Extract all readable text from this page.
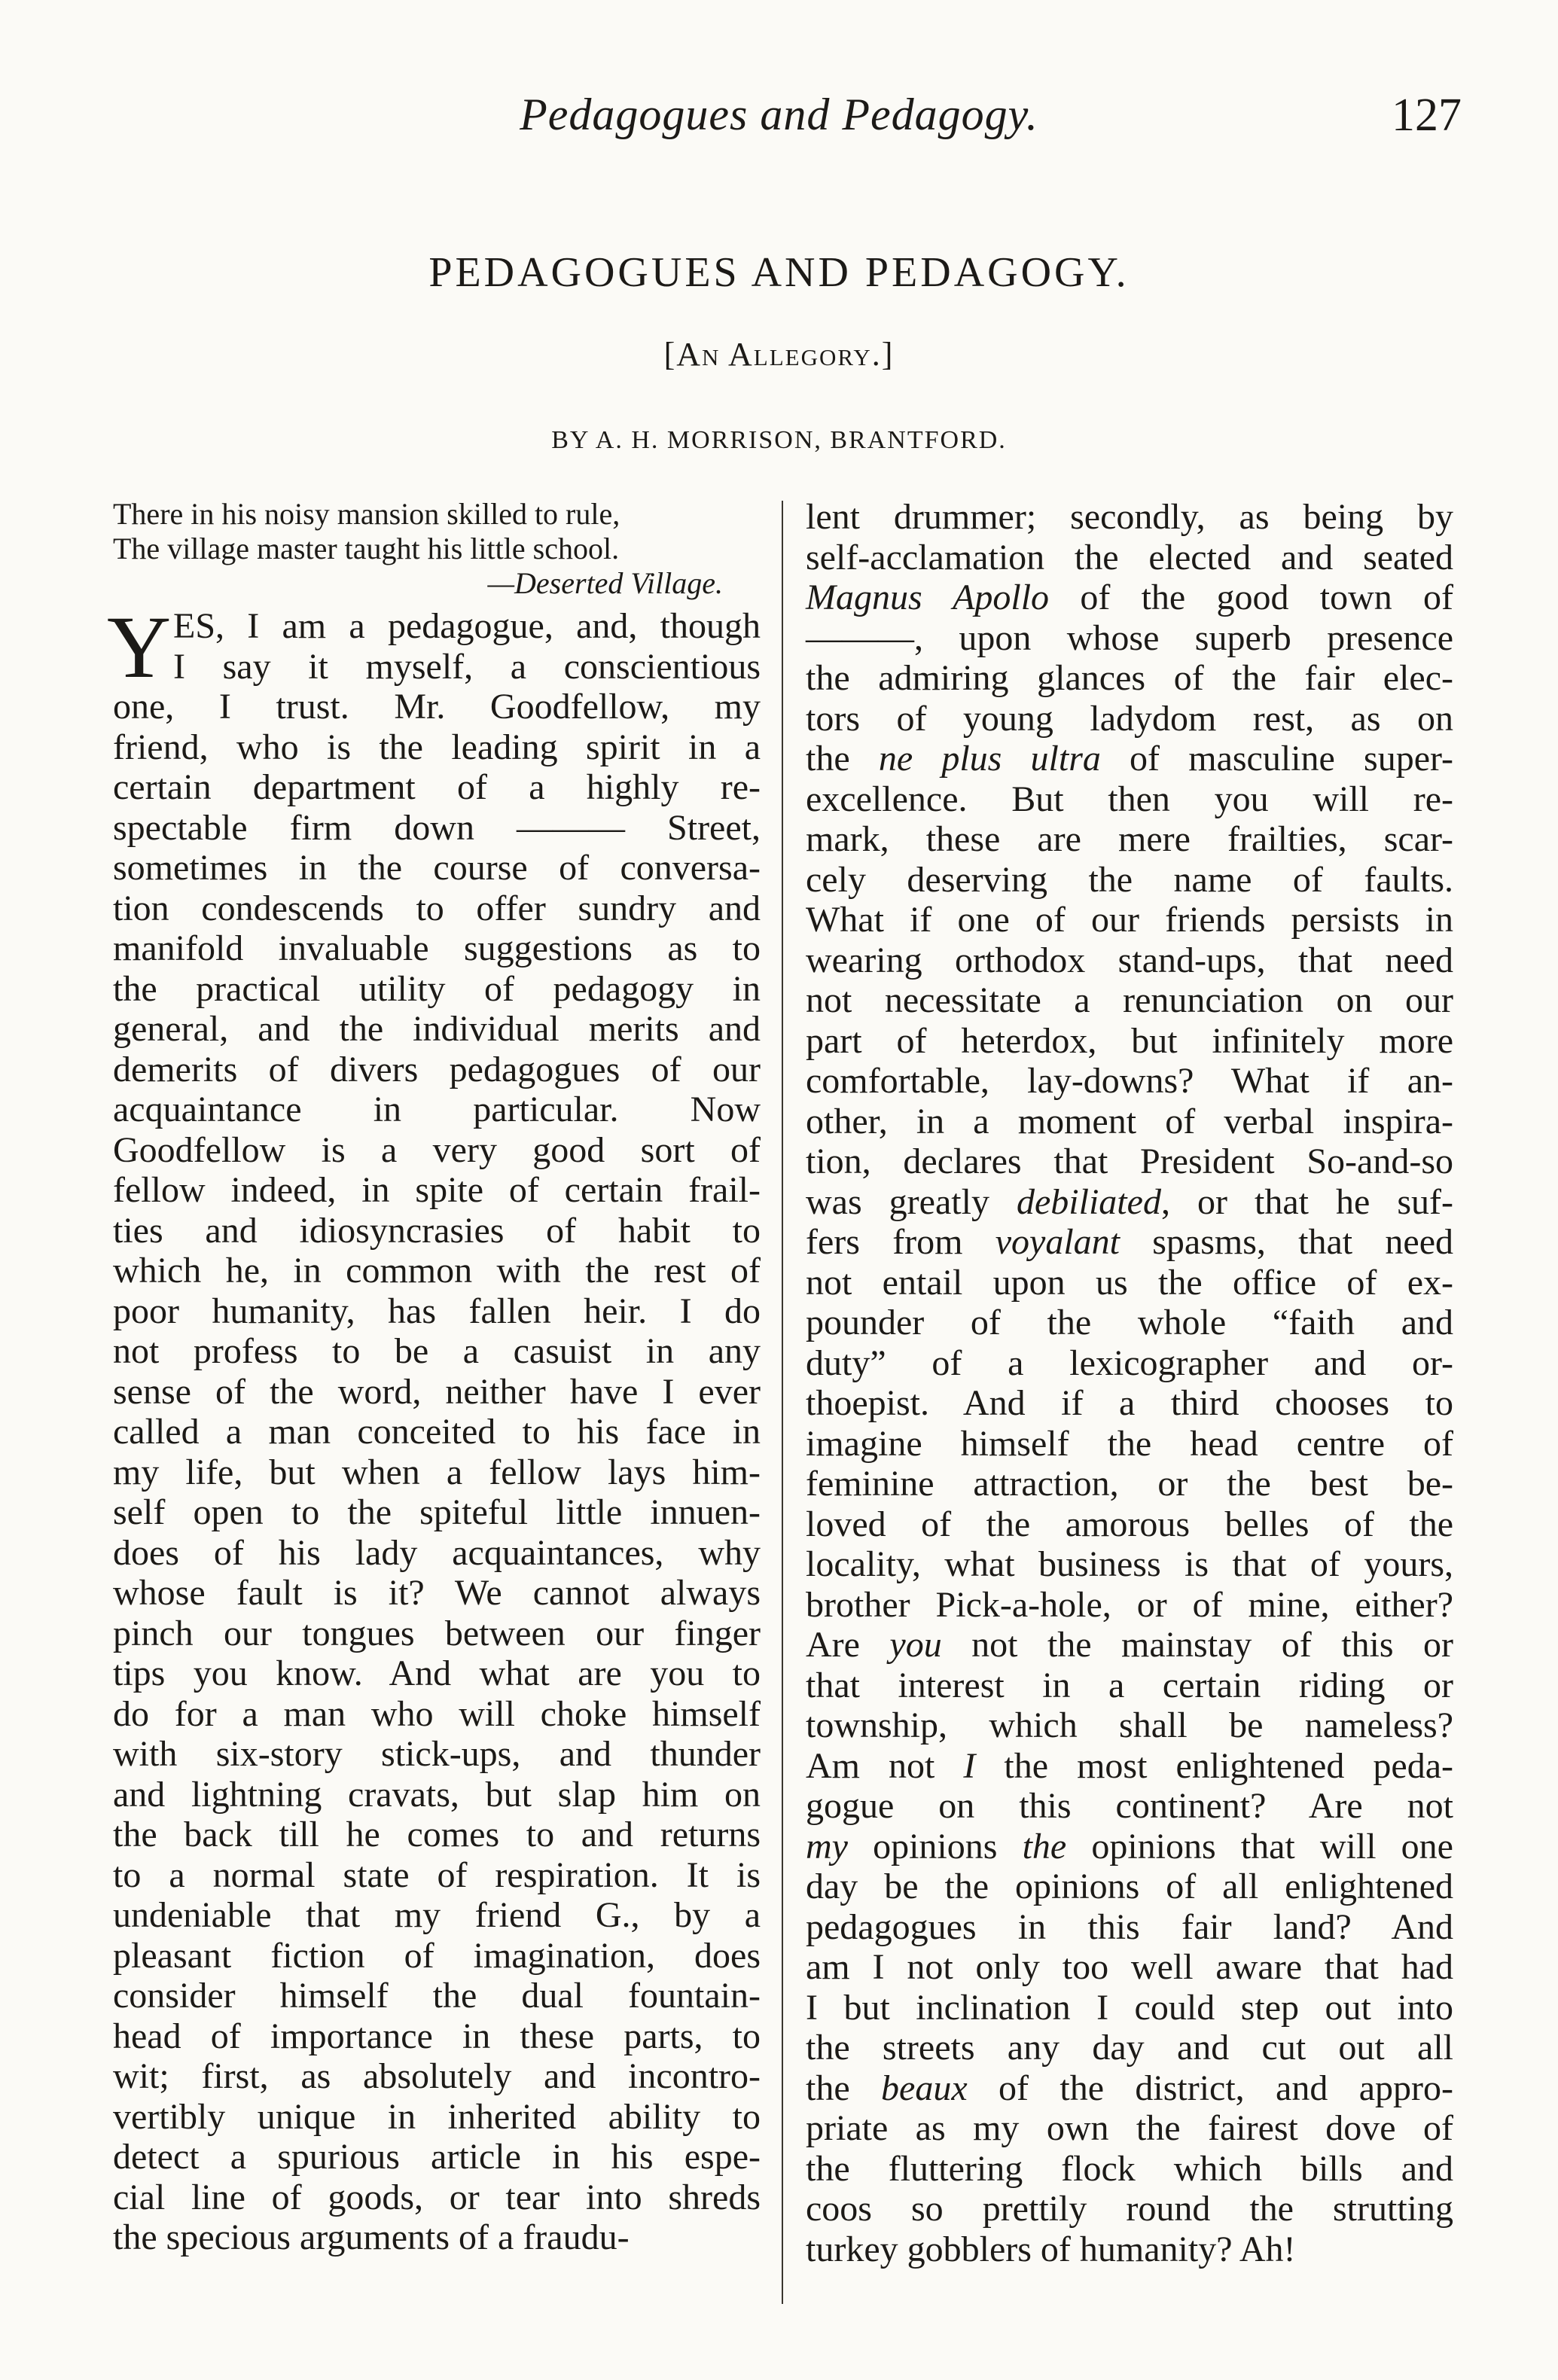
Pedagogues and Pedagogy.	127
PEDAGOGUES AND PEDAGOGY.
[An Allegory.]
BY A. H. MORRISON, BRANTFORD.
There in his noisy mansion skilled to rule,
The village master taught his little school.
—Deserted Village.
ES, I am a pedagogue, and, though
Y I say it myself, a conscientious
one, I trust. Mr. Goodfellow, my
friend, who is the leading spirit in a
certain department of a highly re-
spectable firm down ——— Street,
sometimes in the course of conversa-
tion condescends to offer sundry and
manifold invaluable suggestions as to
the practical utility of pedagogy in
general, and the individual merits and
demerits of divers pedagogues of our
acquaintance in particular. Now
Goodfellow is a very good sort of
fellow indeed, in spite of certain frail-
ties and idiosyncrasies of habit to
which he, in common with the rest of
poor humanity, has fallen heir. I do
not profess to be a casuist in any
sense of the word, neither have I ever
called a man conceited to his face in
my life, but when a fellow lays him-
self open to the spiteful little innuen-
does of his lady acquaintances, why
whose fault is it? We cannot always
pinch our tongues between our finger
tips you know. And what are you to
do for a man who will choke himself
with six-story stick-ups, and thunder
and lightning cravats, but slap him on
the back till he comes to and returns
to a normal state of respiration. It is
undeniable that my friend G., by a
pleasant fiction of imagination, does
consider himself the dual fountain-
head of importance in these parts, to
wit; first, as absolutely and incontro-
vertibly unique in inherited ability to
detect a spurious article in his espe-
cial line of goods, or tear into shreds
the specious arguments of a fraudu-
lent drummer; secondly, as being by
self-acclamation the elected and seated
Magnus Apollo of the good town of
———, upon whose superb presence
the admiring glances of the fair elec-
tors of young ladydom rest, as on
the ne plus ultra of masculine super-
excellence. But then you will re-
mark, these are mere frailties, scar-
cely deserving the name of faults.
What if one of our friends persists in
wearing orthodox stand-ups, that need
not necessitate a renunciation on our
part of heterdox, but infinitely more
comfortable, lay-downs? What if an-
other, in a moment of verbal inspira-
tion, declares that President So-and-so
was greatly debiliated, or that he suf-
fers from voyalant spasms, that need
not entail upon us the office of ex-
pounder of the whole “faith and
duty” of a lexicographer and or-
thoepist. And if a third chooses to
imagine himself the head centre of
feminine attraction, or the best be-
loved of the amorous belles of the
locality, what business is that of yours,
brother Pick-a-hole, or of mine, either?
Are you not the mainstay of this or
that interest in a certain riding or
township, which shall be nameless?
Am not I the most enlightened peda-
gogue on this continent? Are not
my opinions the opinions that will one
day be the opinions of all enlightened
pedagogues in this fair land? And
am I not only too well aware that had
I but inclination I could step out into
the streets any day and cut out all
the beaux of the district, and appro-
priate as my own the fairest dove of
the fluttering flock which bills and
coos so prettily round the strutting
turkey gobblers of humanity? Ah!
